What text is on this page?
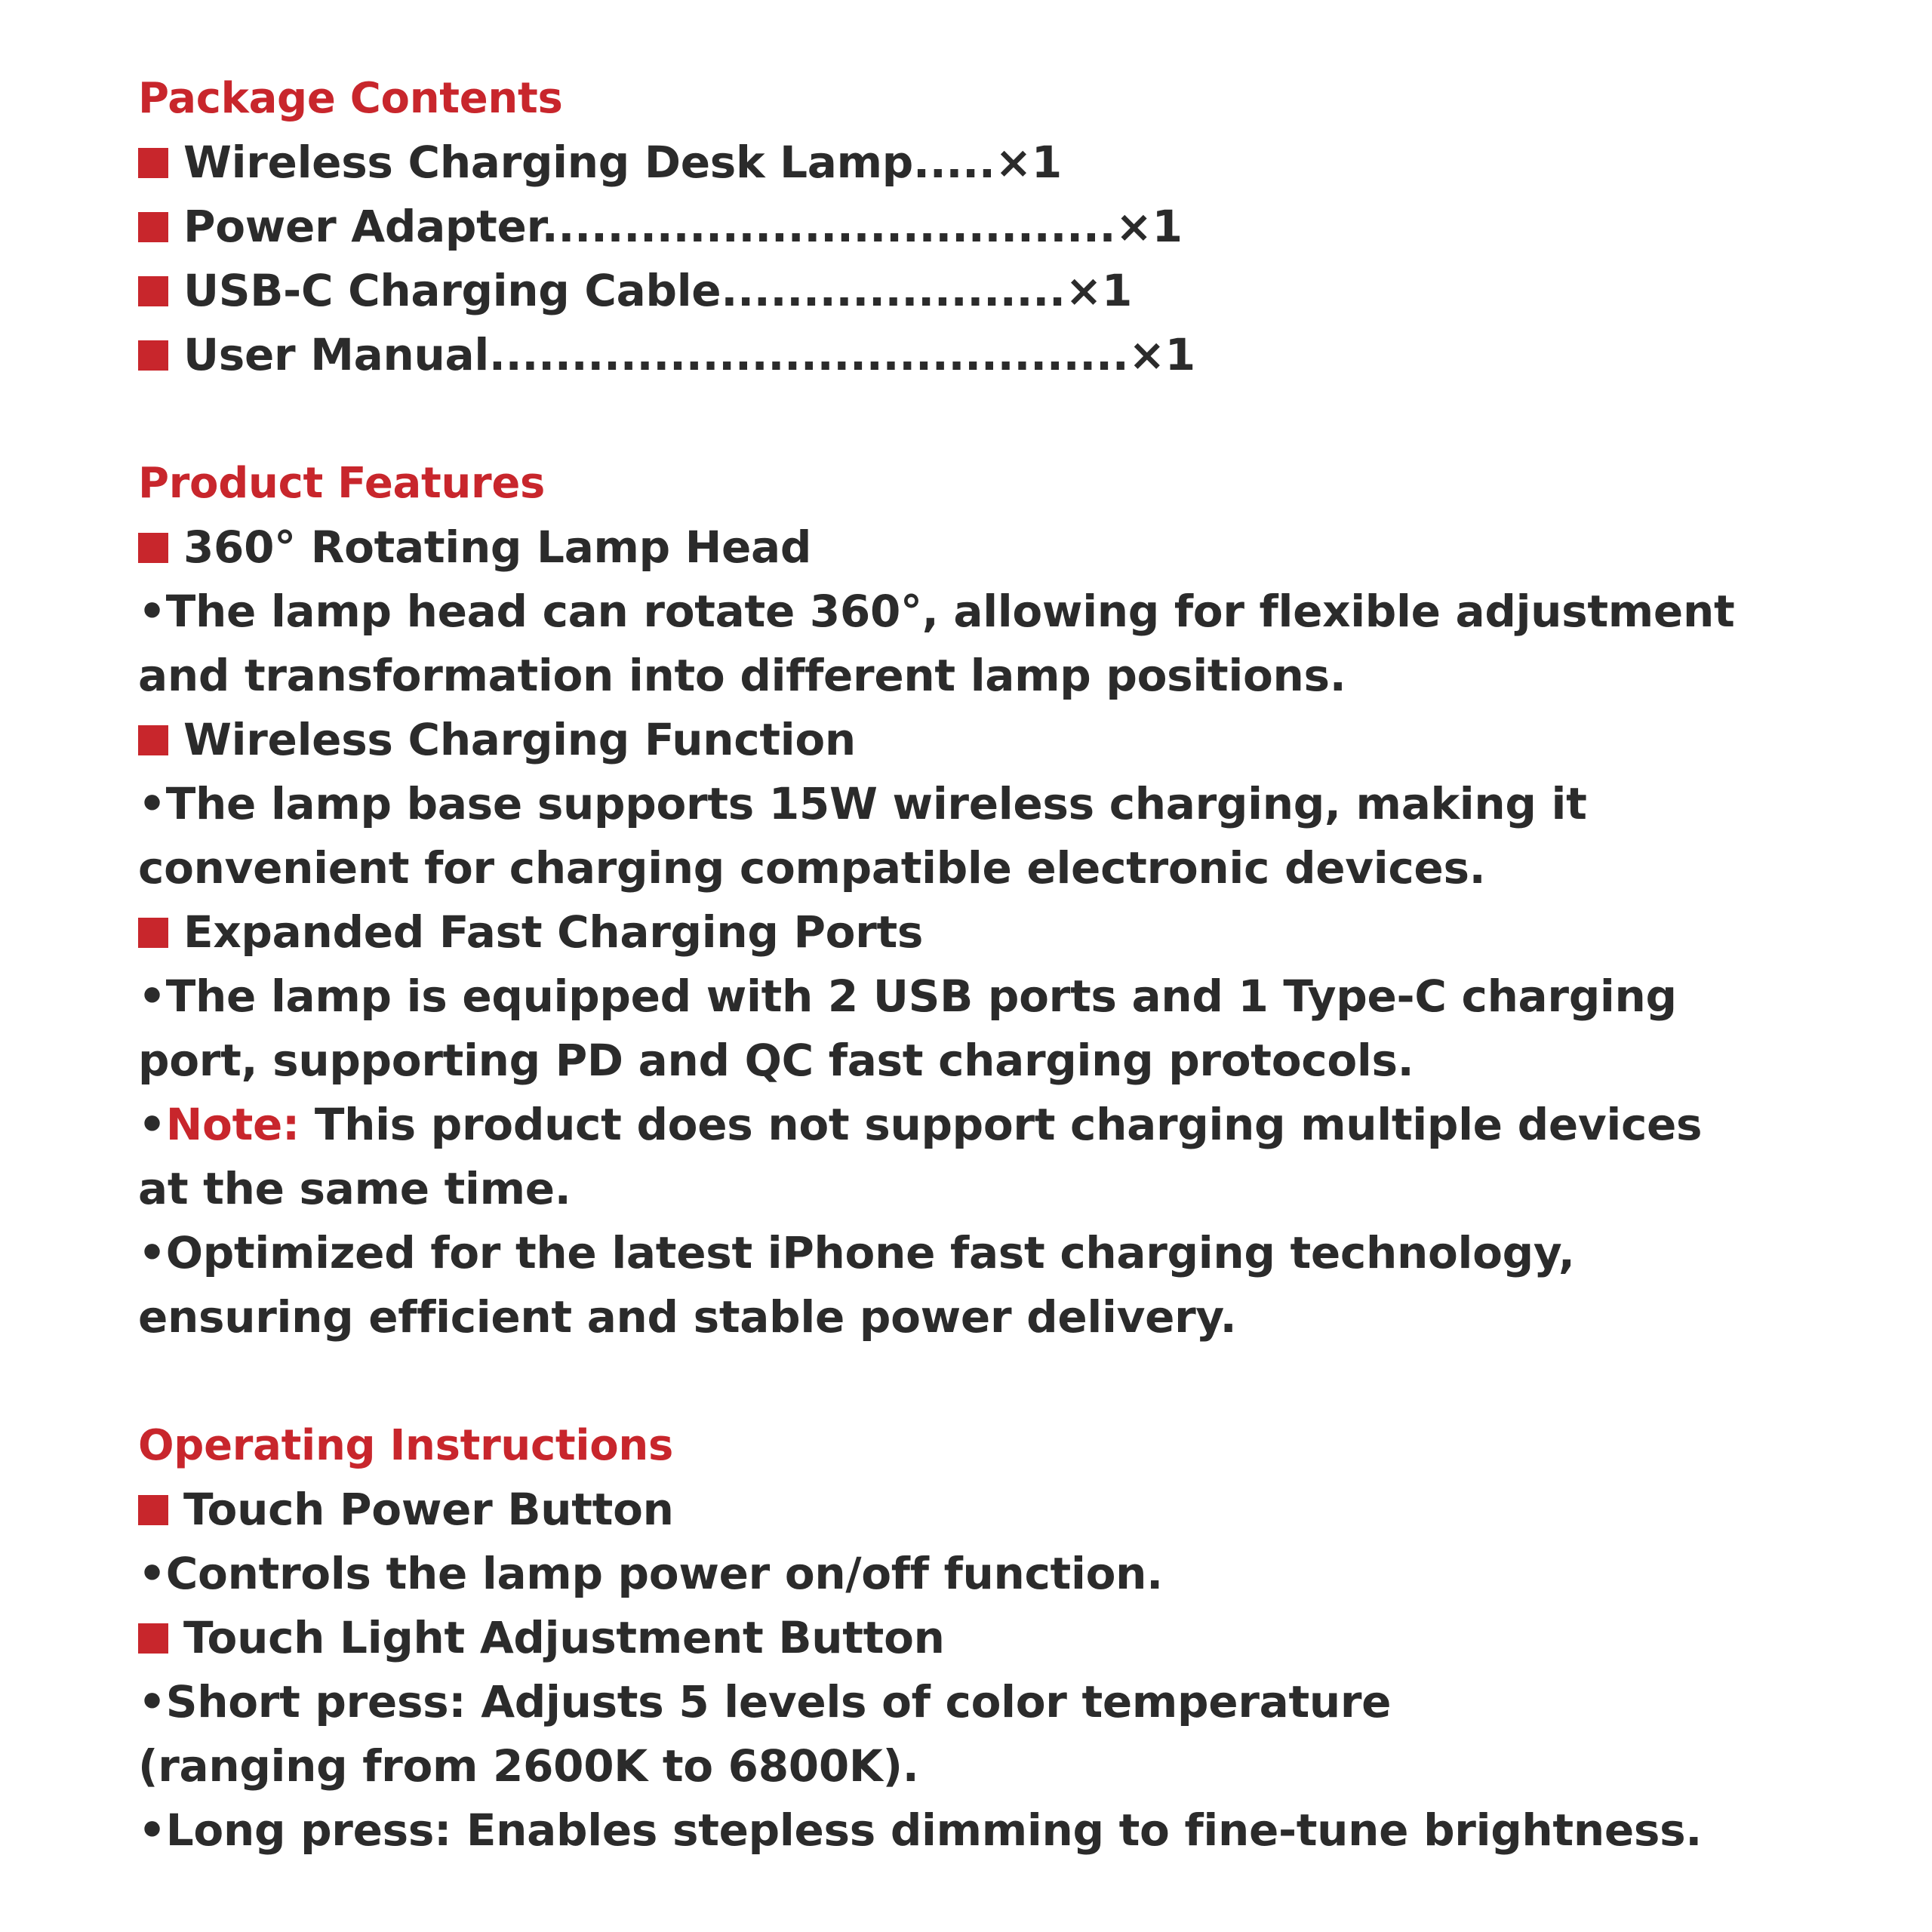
Package Contents
Wireless Charging Desk Lamp.....×1
Power Adapter...................................×1
USB-C Charging Cable.....................×1
User Manual.......................................×1
Product Features
360° Rotating Lamp Head
•The lamp head can rotate 360°, allowing for flexible adjustment
and transformation into different lamp positions.
Wireless Charging Function
•The lamp base supports 15W wireless charging, making it
convenient for charging compatible electronic devices.
Expanded Fast Charging Ports
•The lamp is equipped with 2 USB ports and 1 Type-C charging
port, supporting PD and QC fast charging protocols.
•Note: This product does not support charging multiple devices
at the same time.
•Optimized for the latest iPhone fast charging technology,
ensuring efficient and stable power delivery.
Operating Instructions
Touch Power Button
•Controls the lamp power on/off function.
Touch Light Adjustment Button
•Short press: Adjusts 5 levels of color temperature
(ranging from 2600K to 6800K).
•Long press: Enables stepless dimming to fine-tune brightness.
